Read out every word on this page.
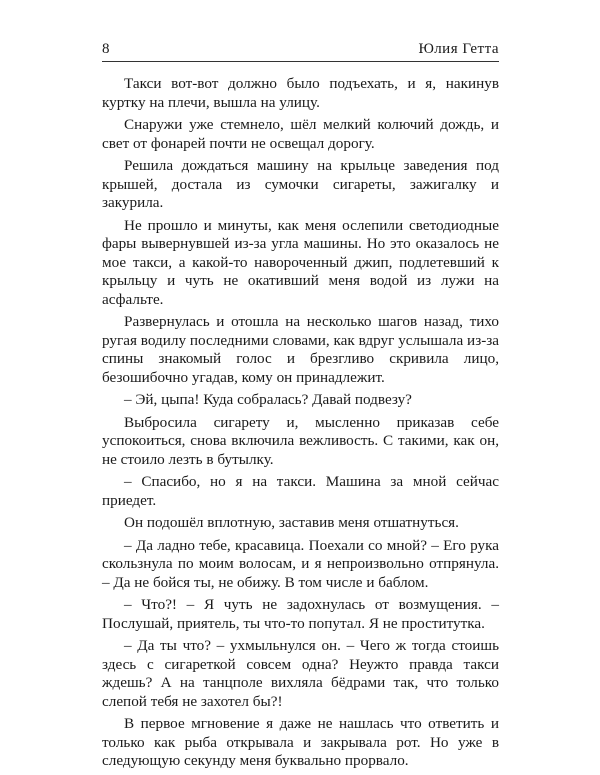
8	Юлия Гетта

Такси вот-вот должно было подъехать, и я, накинув куртку на плечи, вышла на улицу.

Снаружи уже стемнело, шёл мелкий колючий дождь, и свет от фонарей почти не освещал дорогу.

Решила дождаться машину на крыльце заведения под крышей, достала из сумочки сигареты, зажигалку и закурила.

Не прошло и минуты, как меня ослепили светодиодные фары вывернувшей из-за угла машины. Но это оказалось не мое такси, а какой-то навороченный джип, подлетевший к крыльцу и чуть не окативший меня водой из лужи на асфальте.

Развернулась и отошла на несколько шагов назад, тихо ругая водилу последними словами, как вдруг услышала из-за спины знакомый голос и брезгливо скривила лицо, безошибочно угадав, кому он принадлежит.

– Эй, цыпа! Куда собралась? Давай подвезу?

Выбросила сигарету и, мысленно приказав себе успокоиться, снова включила вежливость. С такими, как он, не стоило лезть в бутылку.

– Спасибо, но я на такси. Машина за мной сейчас приедет.

Он подошёл вплотную, заставив меня отшатнуться.

– Да ладно тебе, красавица. Поехали со мной? – Его рука скользнула по моим волосам, и я непроизвольно отпрянула. – Да не бойся ты, не обижу. В том числе и баблом.

– Что?! – Я чуть не задохнулась от возмущения. – Послушай, приятель, ты что-то попутал. Я не проститутка.

– Да ты что? – ухмыльнулся он. – Чего ж тогда стоишь здесь с сигареткой совсем одна? Неужто правда такси ждешь? А на танцполе вихляла бёдрами так, что только слепой тебя не захотел бы?!

В первое мгновение я даже не нашлась что ответить и только как рыба открывала и закрывала рот. Но уже в следующую секунду меня буквально прорвало.
